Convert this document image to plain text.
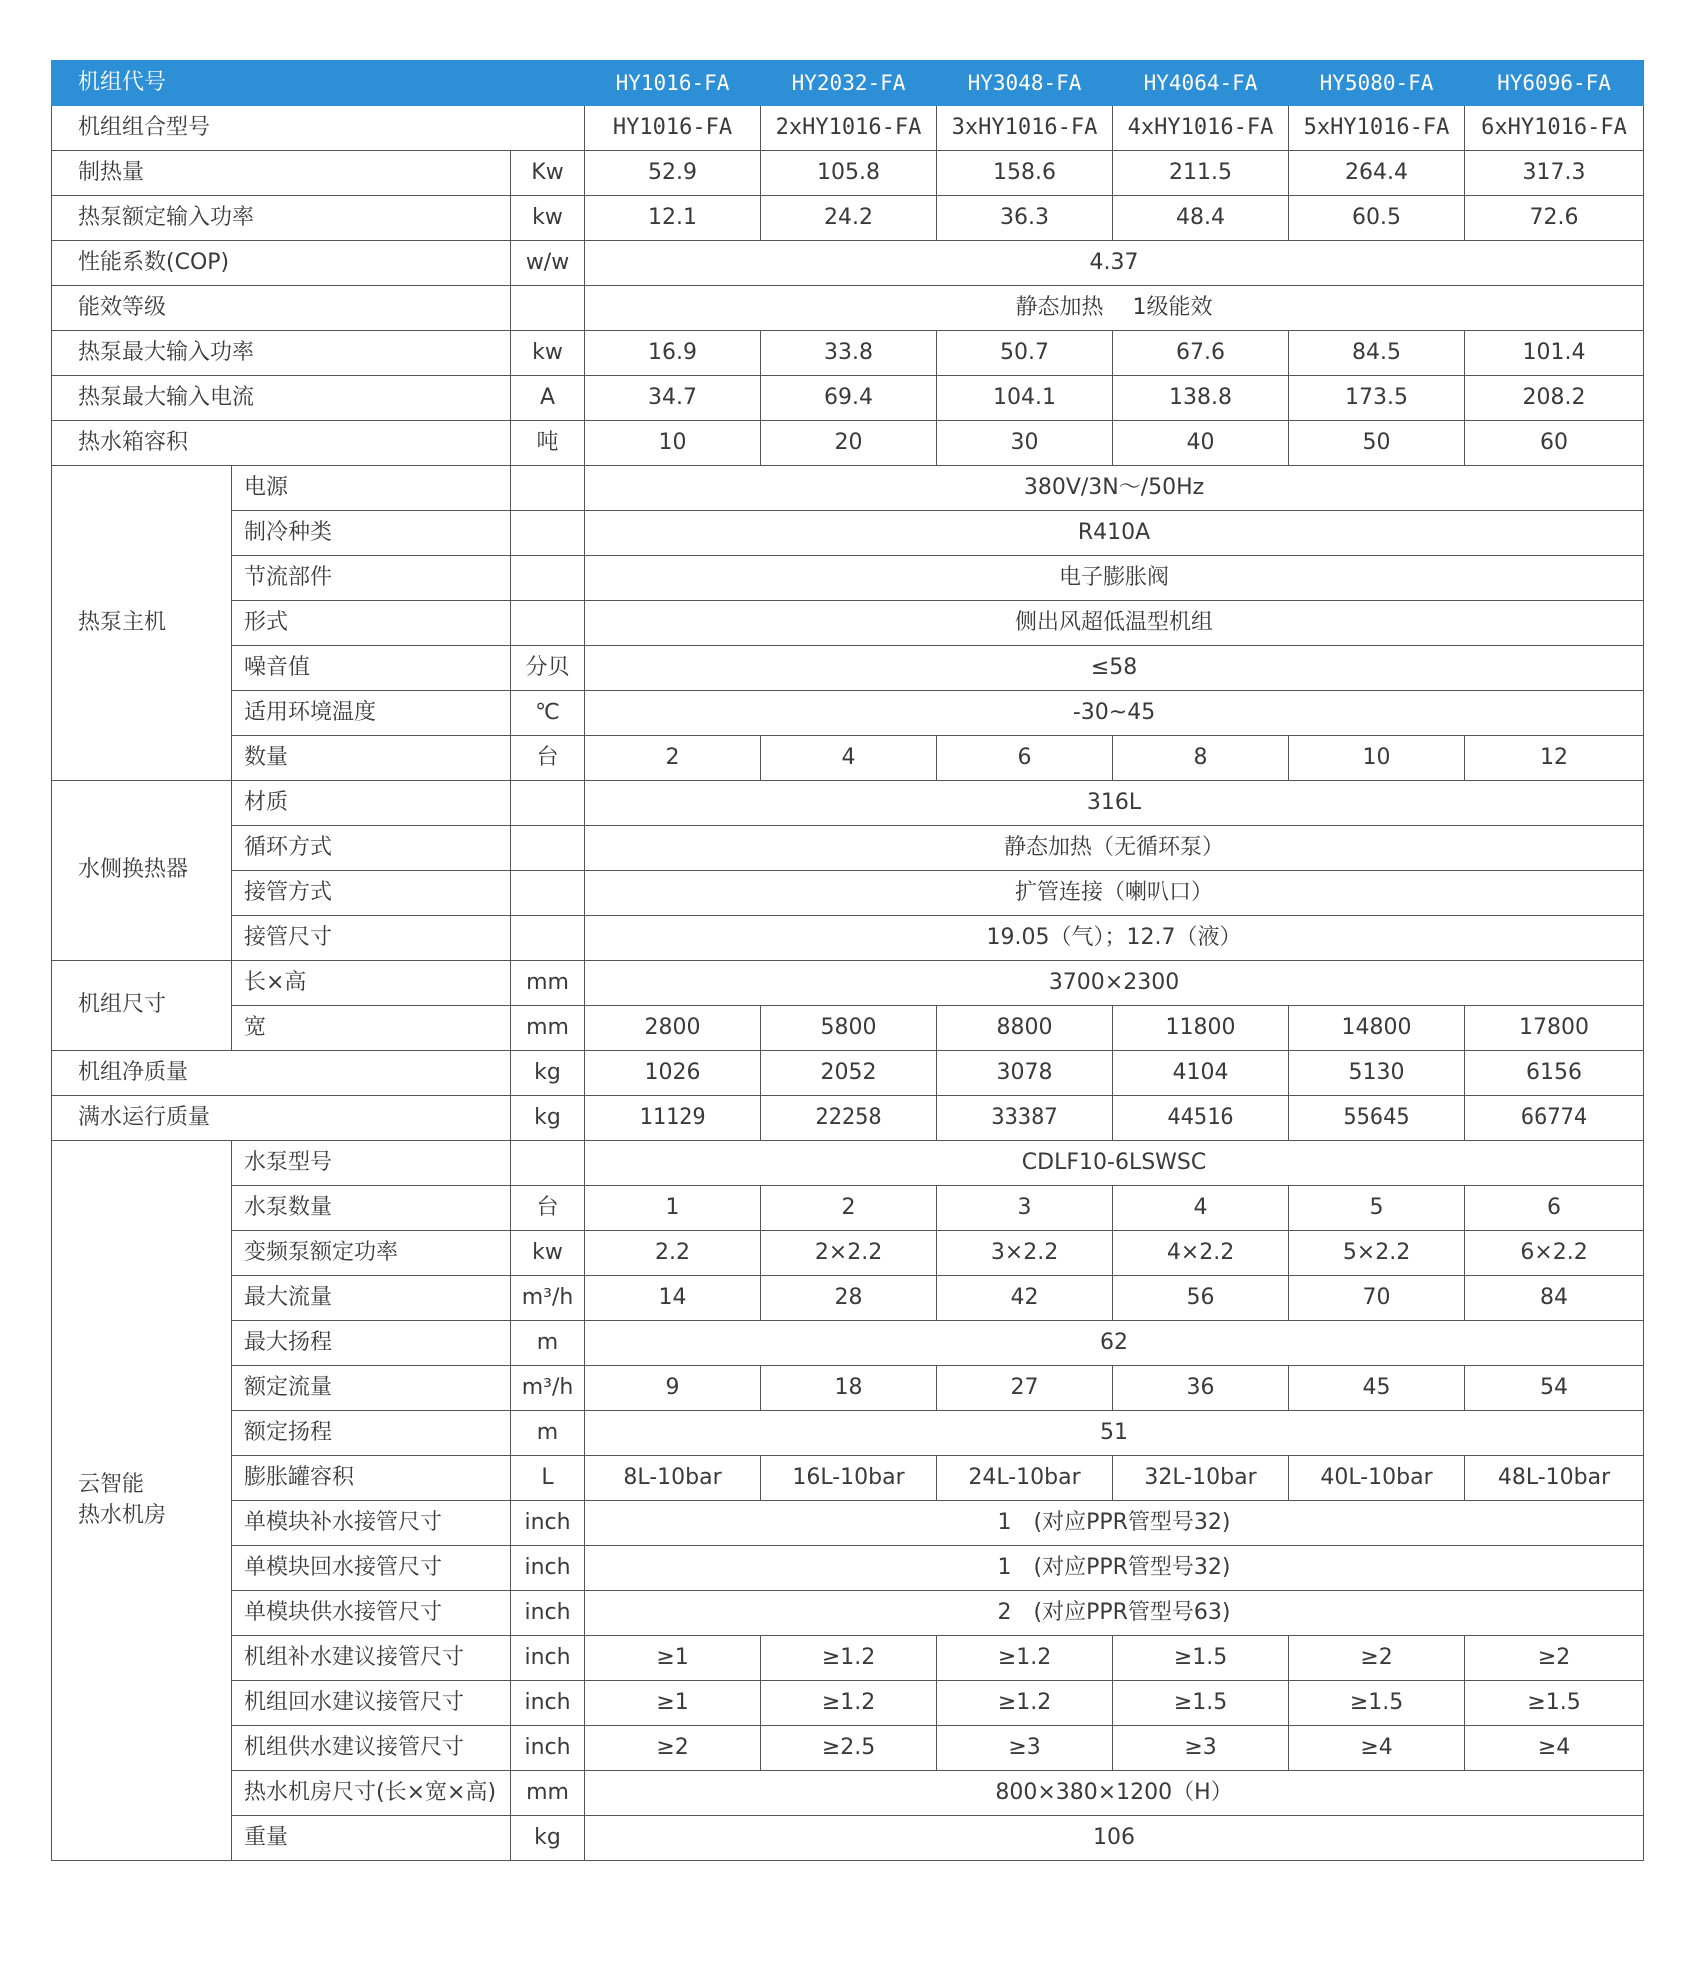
机组代号			HY1016-FA	HY2032-FA	HY3048-FA	HY4064-FA	HY5080-FA	HY6096-FA
机组组合型号			HY1016-FA	2xHY1016-FA	3xHY1016-FA	4xHY1016-FA	5xHY1016-FA	6xHY1016-FA
制热量		Kw	52.9	105.8	158.6	211.5	264.4	317.3
热泵额定输入功率		kw	12.1	24.2	36.3	48.4	60.5	72.6
性能系数(COP)		w/w	4.37					
能效等级			静态加热　 1级能效					
热泵最大输入功率		kw	16.9	33.8	50.7	67.6	84.5	101.4
热泵最大输入电流		A	34.7	69.4	104.1	138.8	173.5	208.2
热水箱容积		吨	10	20	30	40	50	60

热泵主机	电源		380V/3N～/50Hz					
	制冷种类		R410A					
	节流部件		电子膨胀阀					
	形式		侧出风超低温型机组					
	噪音值	分贝	≤58					
	适用环境温度	℃	-30~45					
	数量	台	2	4	6	8	10	12

水侧换热器	材质		316L					
	循环方式		静态加热（无循环泵）					
	接管方式		扩管连接（喇叭口）					
	接管尺寸		19.05（气）；12.7（液）					

机组尺寸	长×高	mm	3700×2300					
	宽	mm	2800	5800	8800	11800	14800	17800
机组净质量		kg	1026	2052	3078	4104	5130	6156
满水运行质量		kg	11129	22258	33387	44516	55645	66774

云智能
热水机房	水泵型号		CDLF10-6LSWSC					
	水泵数量	台	1	2	3	4	5	6
	变频泵额定功率	kw	2.2	2×2.2	3×2.2	4×2.2	5×2.2	6×2.2
	最大流量	m³/h	14	28	42	56	70	84
	最大扬程	m	62					
	额定流量	m³/h	9	18	27	36	45	54
	额定扬程	m	51					
	膨胀罐容积	L	8L-10bar	16L-10bar	24L-10bar	32L-10bar	40L-10bar	48L-10bar
	单模块补水接管尺寸	inch	1　(对应PPR管型号32)					
	单模块回水接管尺寸	inch	1　(对应PPR管型号32)					
	单模块供水接管尺寸	inch	2　(对应PPR管型号63)					
	机组补水建议接管尺寸	inch	≥1	≥1.2	≥1.2	≥1.5	≥2	≥2
	机组回水建议接管尺寸	inch	≥1	≥1.2	≥1.2	≥1.5	≥1.5	≥1.5
	机组供水建议接管尺寸	inch	≥2	≥2.5	≥3	≥3	≥4	≥4
	热水机房尺寸(长×宽×高)	mm	800×380×1200（H）					
	重量	kg	106					
